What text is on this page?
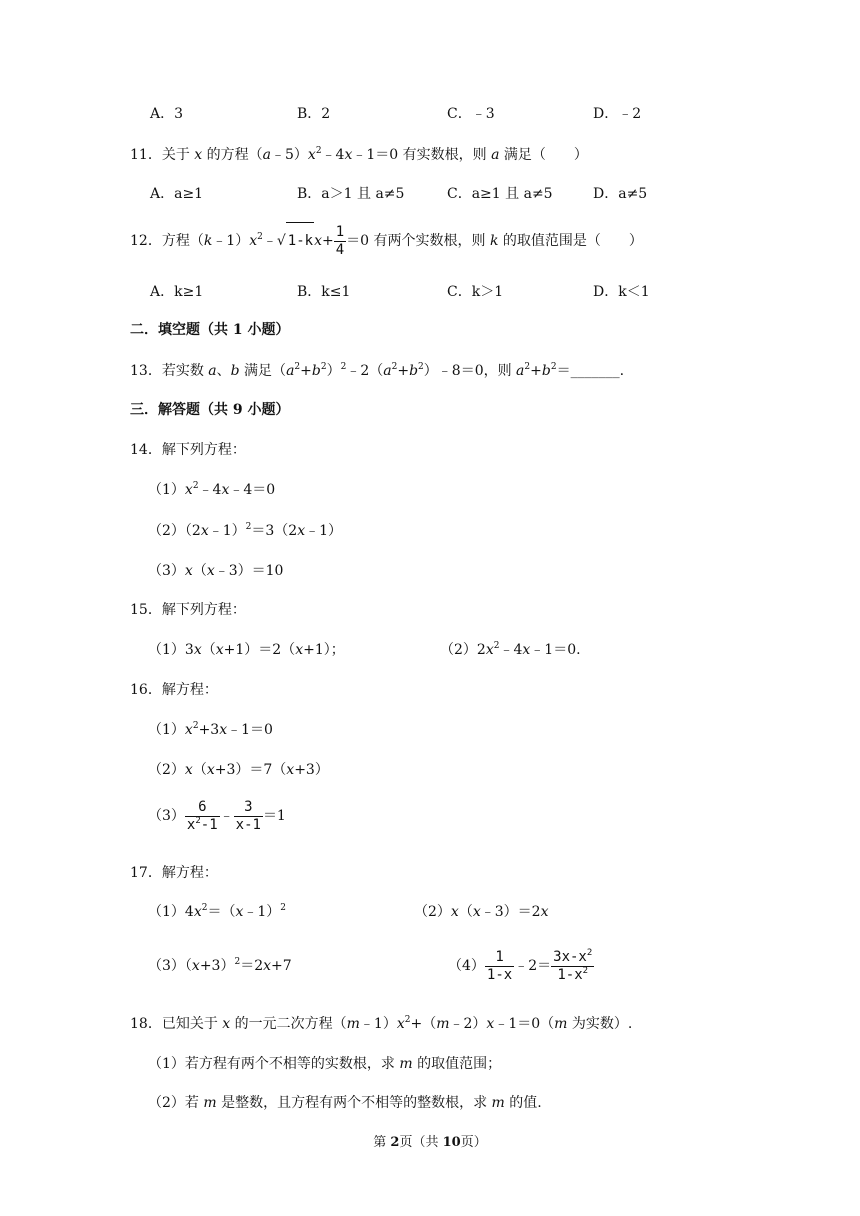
A．3	B．2	C．﹣3	D．﹣2
11．关于 x 的方程$(a﹣5)x^2﹣4x﹣1=0$ 有实数根，则 a 满足（　　）
A．a≥1	B．a＞1 且 a≠5	C．a≥1 且 a≠5	D．a≠5
12．方程$(k﹣1)x^2﹣√$ $1-kx+ \frac{1}{4} =0$ 有两个实数根，则 k 的取值范围是（　　）
A．k≥1	B．k≤1	C．k＞1	D．k＜1
二．填空题（共 1 小题）
13．若实数 a、b 满足$(a^2+b^2)^2﹣2(a^2+b^2)﹣8=0$，则 $a^2+b^2=\_\_\_\_\_\_\_$.
三．解答题（共 9 小题）
14．解下列方程：
$(1)x^2﹣4x﹣4=0$
（2）（2x﹣1）$^2$＝3（2x﹣1）
（3）x（x﹣3）＝10
15．解下列方程：
（1）3x（x+1）＝2（x+1）；	$(2)2x^2﹣4x﹣1=0$.
16．解方程：
$(1)x^2+3x﹣1=0$
（2）x（x+3）＝7（x+3）
$(3) \frac{6}{x^2-1}$ ﹣ $\frac{3}{x-1} =1$
17．解方程：
$(1)4x^2=(x﹣1)^2$	（2）x（x﹣3）＝2x
$(3)(x+3)^2=2x+7$	$(4) \frac{1}{1-x}$ ﹣2＝ $\frac{3x-x^2}{1-x^2}$
18．已知关于 x 的一元二次方程$(m﹣1)x^2+(m﹣2)x﹣1=0(m$ 为实数）.
（1）若方程有两个不相等的实数根，求 m 的取值范围；
（2）若 m 是整数，且方程有两个不相等的整数根，求 m 的值.
第 2页（共 10页）
